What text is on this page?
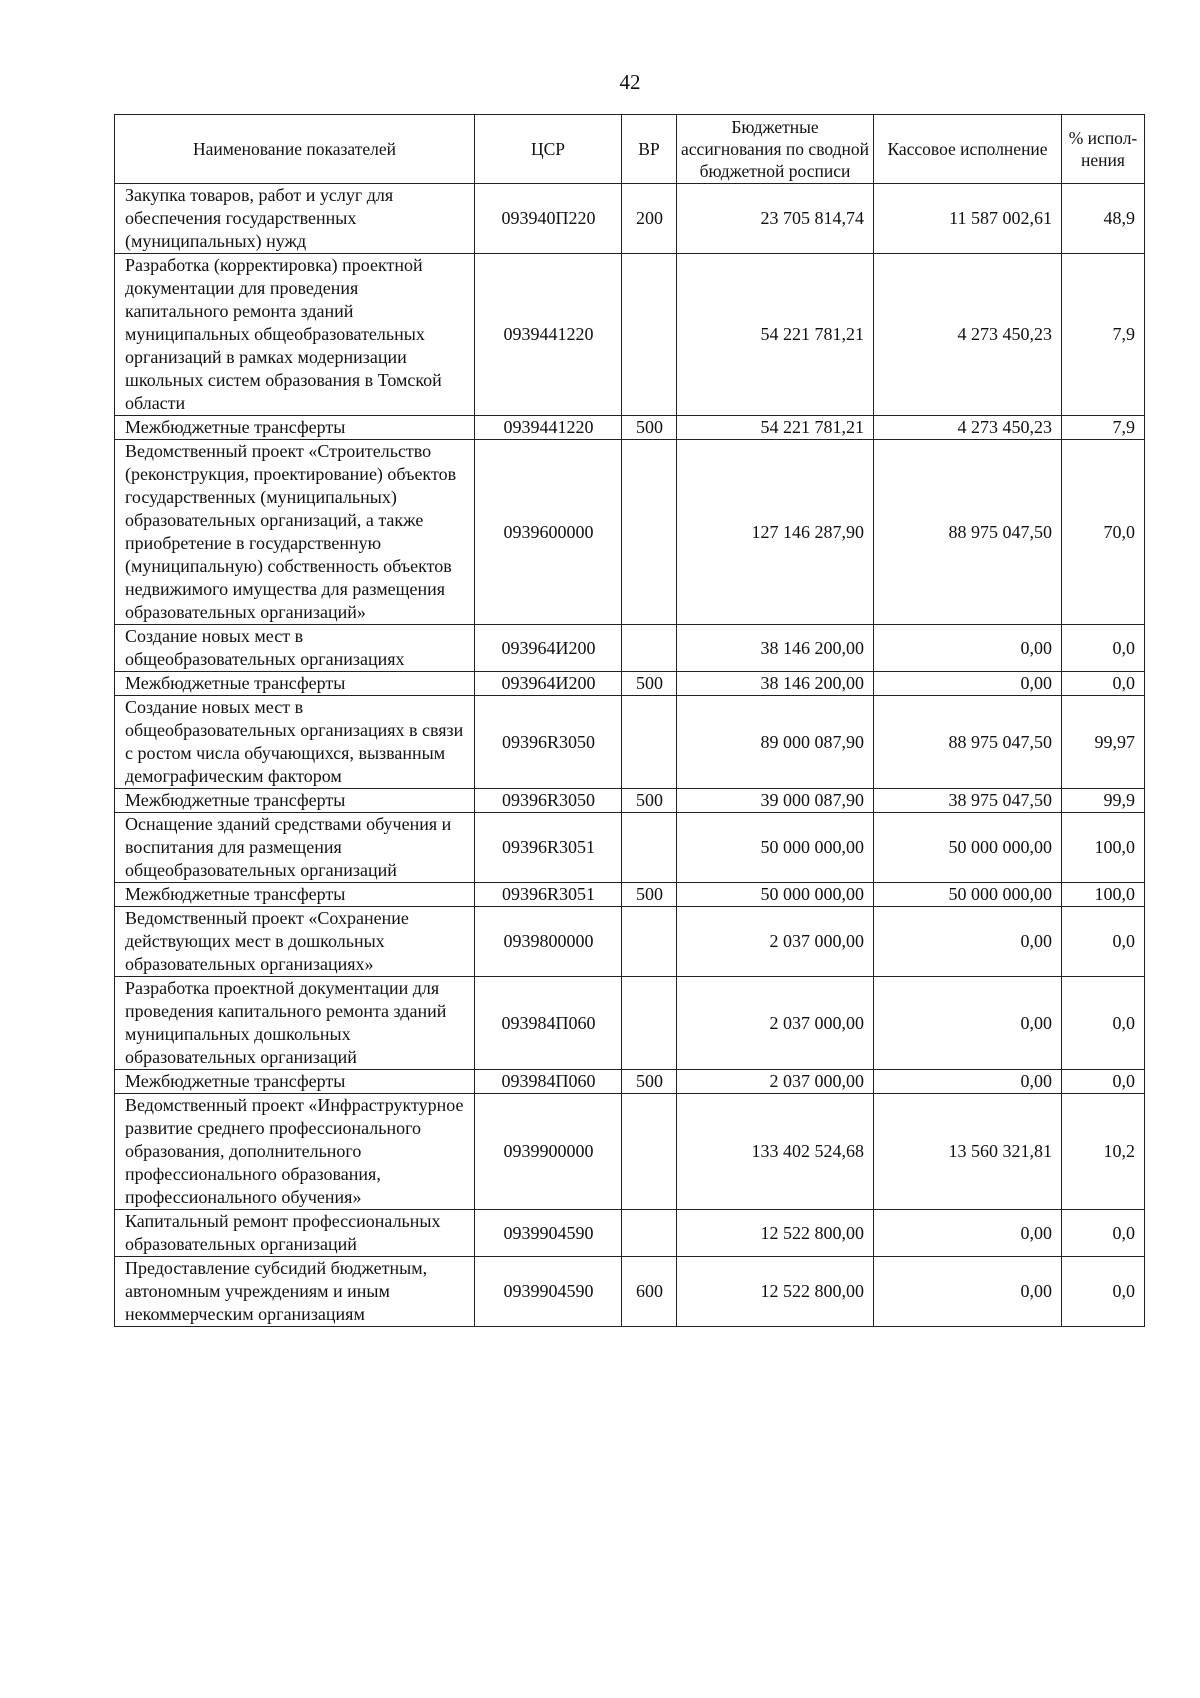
42
Наименование показателей	ЦСР	ВР	Бюджетные ассигнования по сводной бюджетной росписи	Кассовое исполнение	% испол-нения
Закупка товаров, работ и услуг для обеспечения государственных (муниципальных) нужд	093940П220	200	23 705 814,74	11 587 002,61	48,9
Разработка (корректировка) проектной документации для проведения капитального ремонта зданий муниципальных общеобразовательных организаций в рамках модернизации школьных систем образования в Томской области	0939441220		54 221 781,21	4 273 450,23	7,9
Межбюджетные трансферты	0939441220	500	54 221 781,21	4 273 450,23	7,9
Ведомственный проект «Строительство (реконструкция, проектирование) объектов государственных (муниципальных) образовательных организаций, а также приобретение в государственную (муниципальную) собственность объектов недвижимого имущества для размещения образовательных организаций»	0939600000		127 146 287,90	88 975 047,50	70,0
Создание новых мест в общеобразовательных организациях	093964И200		38 146 200,00	0,00	0,0
Межбюджетные трансферты	093964И200	500	38 146 200,00	0,00	0,0
Создание новых мест в общеобразовательных организациях в связи с ростом числа обучающихся, вызванным демографическим фактором	09396R3050		89 000 087,90	88 975 047,50	99,97
Межбюджетные трансферты	09396R3050	500	39 000 087,90	38 975 047,50	99,9
Оснащение зданий средствами обучения и воспитания для размещения общеобразовательных организаций	09396R3051		50 000 000,00	50 000 000,00	100,0
Межбюджетные трансферты	09396R3051	500	50 000 000,00	50 000 000,00	100,0
Ведомственный проект «Сохранение действующих мест в дошкольных образовательных организациях»	0939800000		2 037 000,00	0,00	0,0
Разработка проектной документации для проведения капитального ремонта зданий муниципальных дошкольных образовательных организаций	093984П060		2 037 000,00	0,00	0,0
Межбюджетные трансферты	093984П060	500	2 037 000,00	0,00	0,0
Ведомственный проект «Инфраструктурное развитие среднего профессионального образования, дополнительного профессионального образования, профессионального обучения»	0939900000		133 402 524,68	13 560 321,81	10,2
Капитальный ремонт профессиональных образовательных организаций	0939904590		12 522 800,00	0,00	0,0
Предоставление субсидий бюджетным, автономным учреждениям и иным некоммерческим организациям	0939904590	600	12 522 800,00	0,00	0,0
